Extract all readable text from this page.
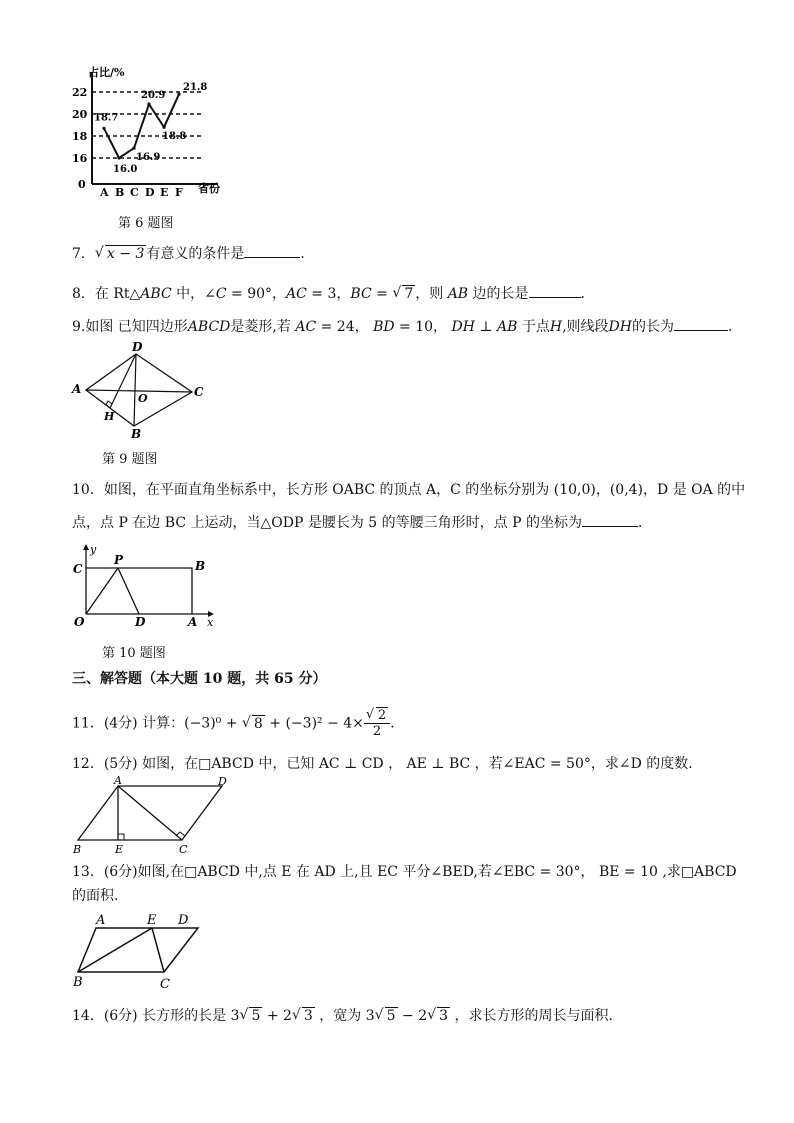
占比/%
省份
22
20
18
16
0
A B C D E F
18.7
16.0
16.9
20.9
18.8
21.8
第 6 题图
7． √ x − 3 有意义的条件是	．
8．在 Rt△ABC 中，∠C = 90°，AC = 3，BC = √ 7 ，则 AB 边的长是	．
9.如图 已知四边形ABCD是菱形,若 AC = 24， BD = 10， DH ⊥ AB 于点H,则线段DH的长为	．
D
A	C
O
H
B
第 9 题图
10．如图，在平面直角坐标系中，长方形 OABC 的顶点 A，C 的坐标分别为 (10,0)，(0,4)，D 是 OA 的中
点，点 P 在边 BC 上运动，当△ODP 是腰长为 5 的等腰三角形时，点 P 的坐标为	．
y
x
C
P	B
O	D	A
第 10 题图
三、解答题（本大题 10 题，共 65 分）
11．(4分) 计算：(−3)⁰ + √ 8 + (−3)² − 4× √ $\frac{2}{2}$ ．
12．(5分) 如图，在□ABCD 中，已知 AC ⊥ CD ， AE ⊥ BC ，若∠EAC = 50°，求∠D 的度数．
A	D
B	E	C
13．(6分)如图,在□ABCD 中,点 E 在 AD 上,且 EC 平分∠BED,若∠EBC = 30°， BE = 10 ,求□ABCD
的面积．
A	E D
B	C
14．(6分) 长方形的长是 3 √ 5 + 2 √ 3 ，宽为 3 √ 5 − 2 √ 3 ，求长方形的周长与面积．
